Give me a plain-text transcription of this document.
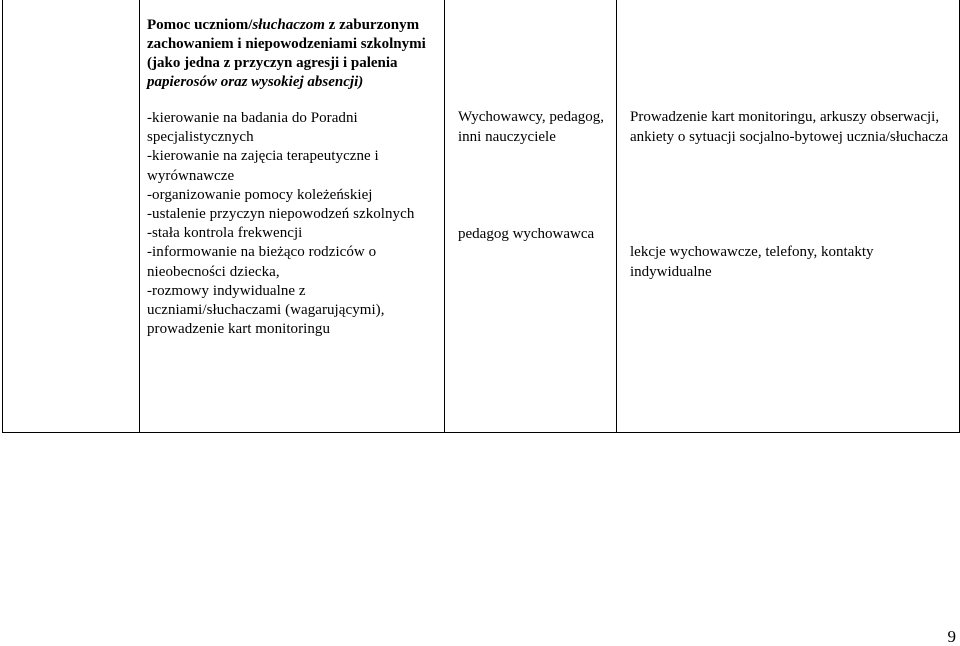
Pomoc uczniom/słuchaczom z zaburzonym zachowaniem i niepowodzeniami szkolnymi (jako jedna z przyczyn agresji i palenia papierosów oraz wysokiej absencji)
-kierowanie na badania do Poradni specjalistycznych
-kierowanie na zajęcia terapeutyczne i wyrównawcze
-organizowanie pomocy koleżeńskiej
-ustalenie przyczyn niepowodzeń szkolnych
-stała kontrola frekwencji
-informowanie na bieżąco rodziców o nieobecności dziecka,
-rozmowy indywidualne z uczniami/słuchaczami (wagarującymi), prowadzenie kart monitoringu
Wychowawcy, pedagog, inni nauczyciele
pedagog wychowawca
Prowadzenie kart monitoringu, arkuszy obserwacji, ankiety o sytuacji socjalno-bytowej ucznia/słuchacza
lekcje wychowawcze, telefony, kontakty indywidualne
9
